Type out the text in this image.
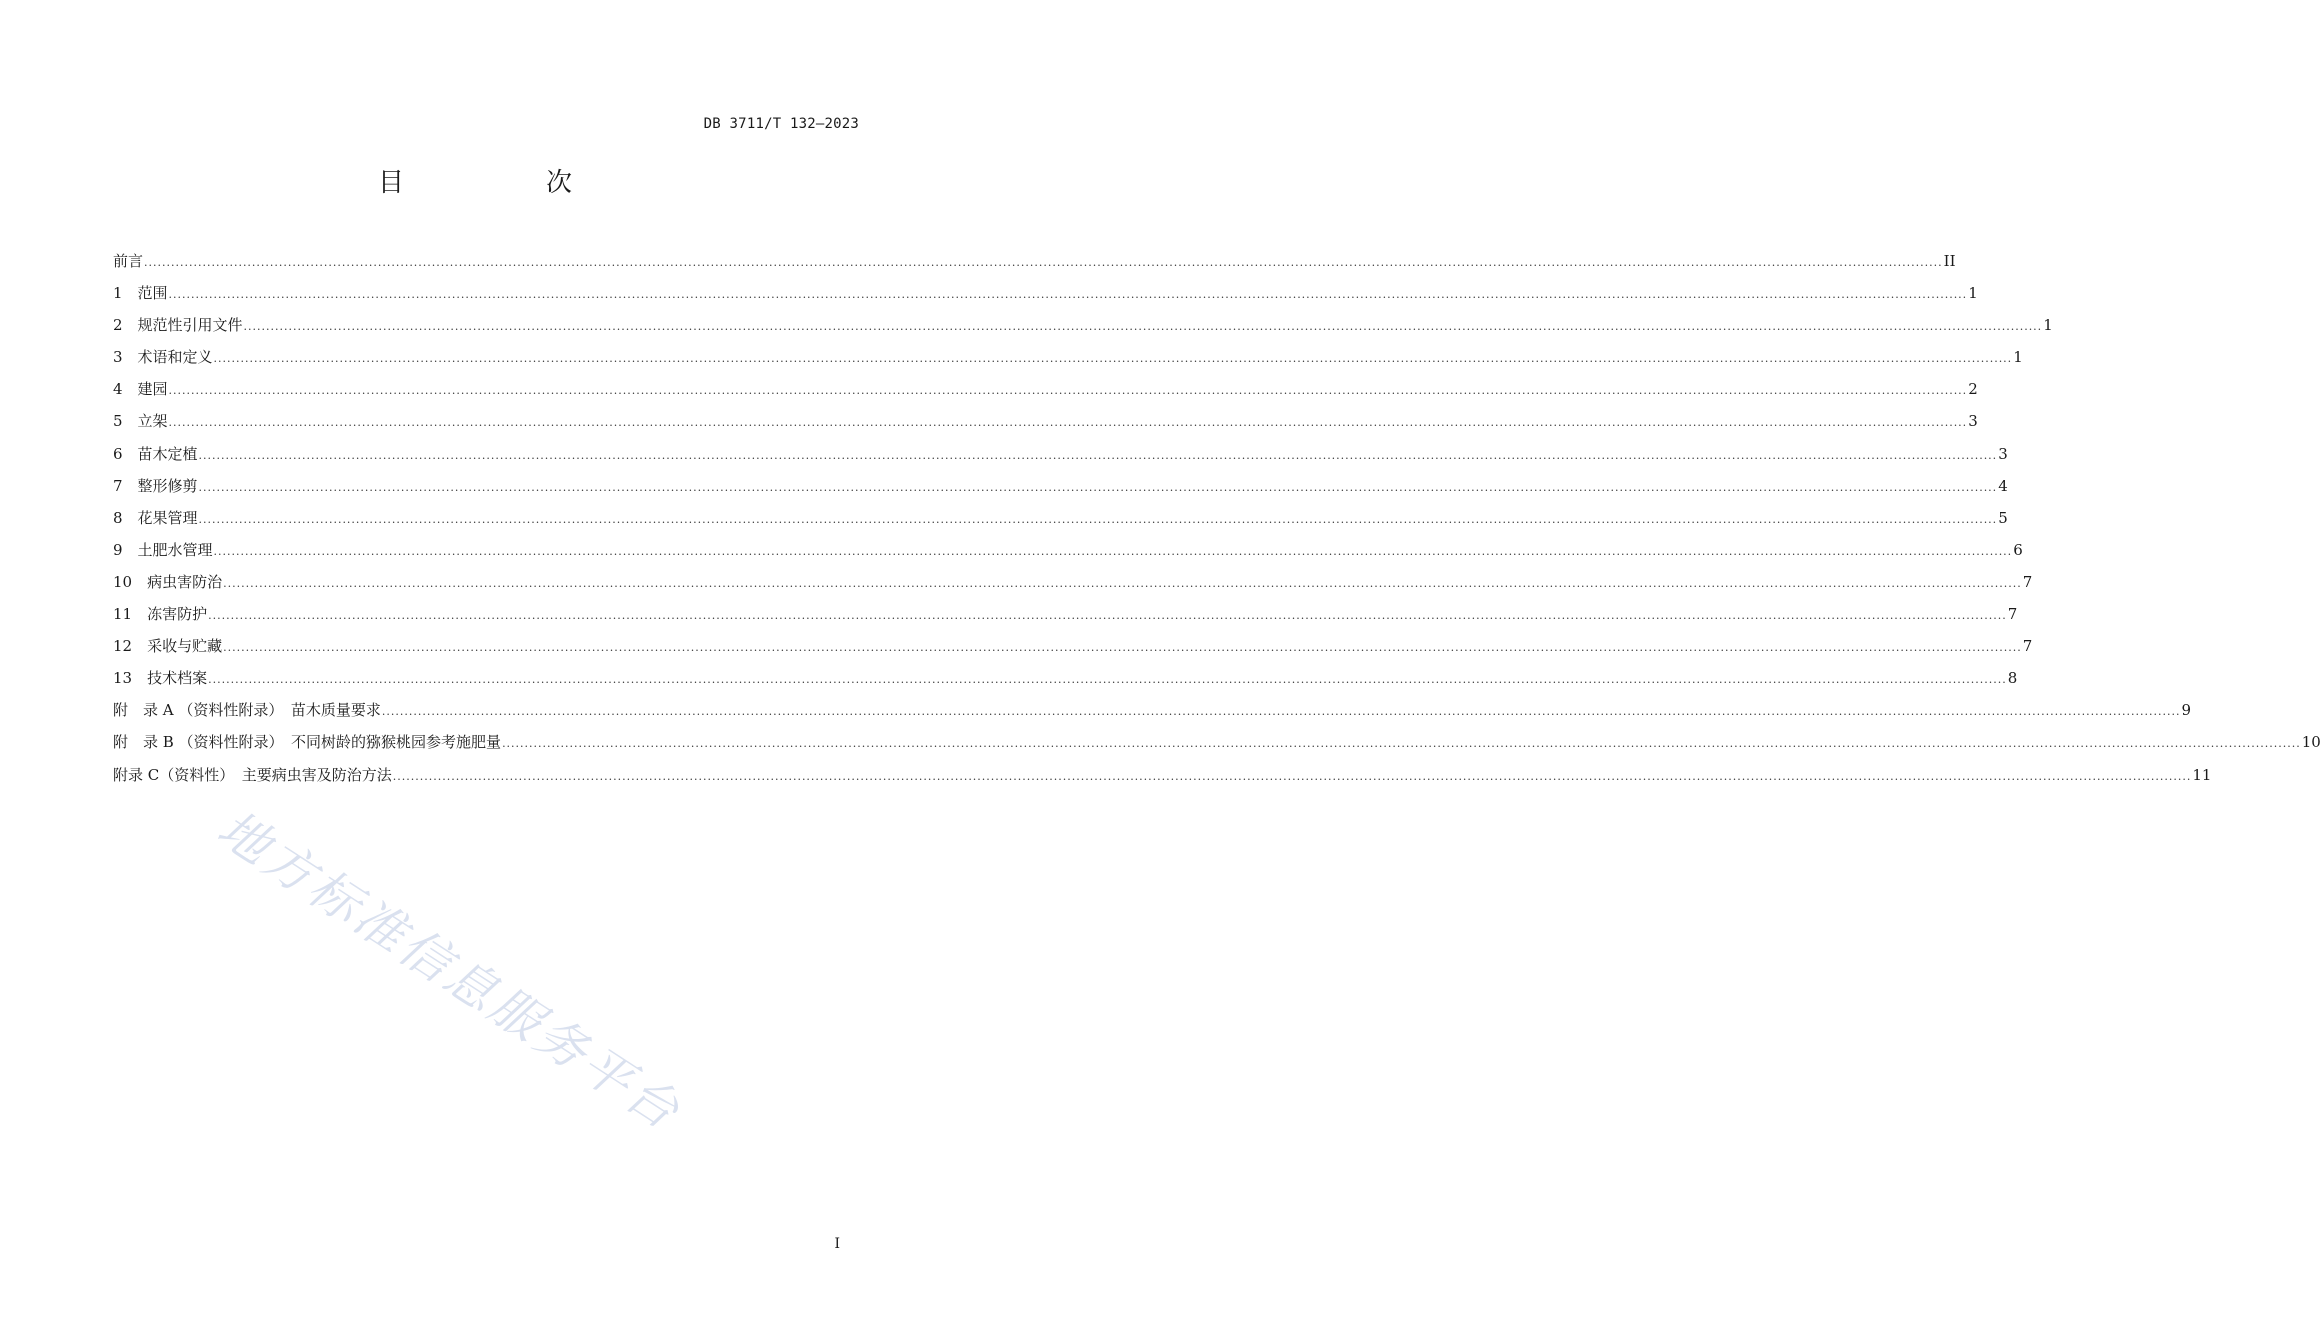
DB 3711/T 132—2023
目　次
前言 ................................................................................................................................................................................................................................................................................................................................................................................................................ II
1　范围 ................................................................................................................................................................................................................................................................................................................................................................................................................ 1
2　规范性引用文件 ................................................................................................................................................................................................................................................................................................................................................................................................................ 1
3　术语和定义 ................................................................................................................................................................................................................................................................................................................................................................................................................ 1
4　建园 ................................................................................................................................................................................................................................................................................................................................................................................................................ 2
5　立架 ................................................................................................................................................................................................................................................................................................................................................................................................................ 3
6　苗木定植 ................................................................................................................................................................................................................................................................................................................................................................................................................ 3
7　整形修剪 ................................................................................................................................................................................................................................................................................................................................................................................................................ 4
8　花果管理 ................................................................................................................................................................................................................................................................................................................................................................................................................ 5
9　土肥水管理 ................................................................................................................................................................................................................................................................................................................................................................................................................ 6
10　病虫害防治 ................................................................................................................................................................................................................................................................................................................................................................................................................ 7
11　冻害防护 ................................................................................................................................................................................................................................................................................................................................................................................................................ 7
12　采收与贮藏 ................................................................................................................................................................................................................................................................................................................................................................................................................ 7
13　技术档案 ................................................................................................................................................................................................................................................................................................................................................................................................................ 8
附　录 A （资料性附录）　苗木质量要求 ................................................................................................................................................................................................................................................................................................................................................................................................................ 9
附　录 B （资料性附录）　不同树龄的猕猴桃园参考施肥量 ................................................................................................................................................................................................................................................................................................................................................................................................................ 10
附录 C（资料性）　主要病虫害及防治方法 ................................................................................................................................................................................................................................................................................................................................................................................................................ 11
地方标准信息服务平台
I
